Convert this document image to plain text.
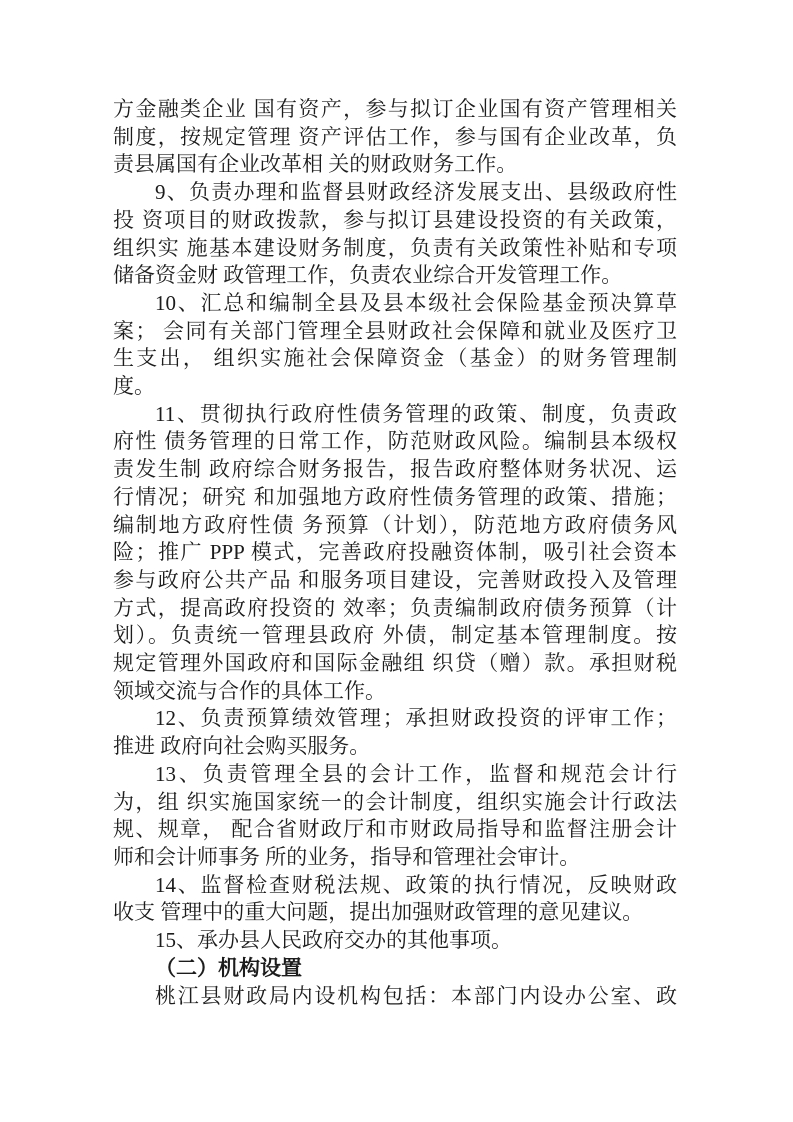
方金融类企业 国有资产，参与拟订企业国有资产管理相关
制度，按规定管理 资产评估工作，参与国有企业改革，负
责县属国有企业改革相 关的财政财务工作。
9、负责办理和监督县财政经济发展支出、县级政府性
投 资项目的财政拨款，参与拟订县建设投资的有关政策，
组织实 施基本建设财务制度，负责有关政策性补贴和专项
储备资金财 政管理工作，负责农业综合开发管理工作。
10、汇总和编制全县及县本级社会保险基金预决算草
案； 会同有关部门管理全县财政社会保障和就业及医疗卫
生支出， 组织实施社会保障资金（基金）的财务管理制
度。
11、贯彻执行政府性债务管理的政策、制度，负责政
府性 债务管理的日常工作，防范财政风险。编制县本级权
责发生制 政府综合财务报告，报告政府整体财务状况、运
行情况；研究 和加强地方政府性债务管理的政策、措施；
编制地方政府性债 务预算（计划），防范地方政府债务风
险；推广 PPP 模式，完善政府投融资体制，吸引社会资本
参与政府公共产品 和服务项目建设，完善财政投入及管理
方式，提高政府投资的 效率；负责编制政府债务预算（计
划）。负责统一管理县政府 外债，制定基本管理制度。按
规定管理外国政府和国际金融组 织贷（赠）款。承担财税
领域交流与合作的具体工作。
12、负责预算绩效管理；承担财政投资的评审工作；
推进 政府向社会购买服务。
13、负责管理全县的会计工作，监督和规范会计行
为，组 织实施国家统一的会计制度，组织实施会计行政法
规、规章， 配合省财政厅和市财政局指导和监督注册会计
师和会计师事务 所的业务，指导和管理社会审计。
14、监督检查财税法规、政策的执行情况，反映财政
收支 管理中的重大问题，提出加强财政管理的意见建议。
15、承办县人民政府交办的其他事项。
（二）机构设置
桃江县财政局内设机构包括：本部门内设办公室、政
